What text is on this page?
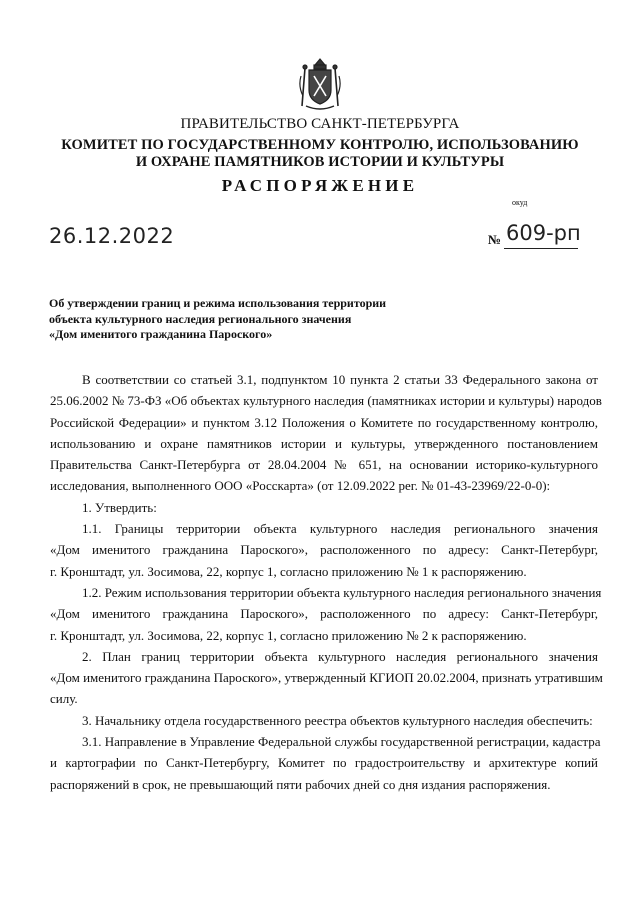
ПРАВИТЕЛЬСТВО САНКТ-ПЕТЕРБУРГА
КОМИТЕТ ПО ГОСУДАРСТВЕННОМУ КОНТРОЛЮ, ИСПОЛЬЗОВАНИЮ
И ОХРАНЕ ПАМЯТНИКОВ ИСТОРИИ И КУЛЬТУРЫ
РАСПОРЯЖЕНИЕ
окуд
26.12.2022	№ 609-рп
Об утверждении границ и режима использования территории
объекта культурного наследия регионального значения
«Дом именитого гражданина Пароского»
В соответствии со статьей 3.1, подпунктом 10 пункта 2 статьи 33 Федерального закона от
25.06.2002 № 73-ФЗ «Об объектах культурного наследия (памятниках истории и культуры) народов
Российской Федерации» и пунктом 3.12 Положения о Комитете по государственному контролю,
использованию и охране памятников истории и культуры, утвержденного постановлением
Правительства Санкт-Петербурга от 28.04.2004 № 651, на основании историко-культурного
исследования, выполненного ООО «Росскарта» (от 12.09.2022 рег. № 01-43-23969/22-0-0):
1. Утвердить:
1.1. Границы территории объекта культурного наследия регионального значения
«Дом именитого гражданина Пароского», расположенного по адресу: Санкт-Петербург,
г. Кронштадт, ул. Зосимова, 22, корпус 1, согласно приложению № 1 к распоряжению.
1.2. Режим использования территории объекта культурного наследия регионального значения
«Дом именитого гражданина Пароского», расположенного по адресу: Санкт-Петербург,
г. Кронштадт, ул. Зосимова, 22, корпус 1, согласно приложению № 2 к распоряжению.
2. План границ территории объекта культурного наследия регионального значения
«Дом именитого гражданина Пароского», утвержденный КГИОП 20.02.2004, признать утратившим
силу.
3. Начальнику отдела государственного реестра объектов культурного наследия обеспечить:
3.1. Направление в Управление Федеральной службы государственной регистрации, кадастра
и картографии по Санкт-Петербургу, Комитет по градостроительству и архитектуре копий
распоряжений в срок, не превышающий пяти рабочих дней со дня издания распоряжения.
